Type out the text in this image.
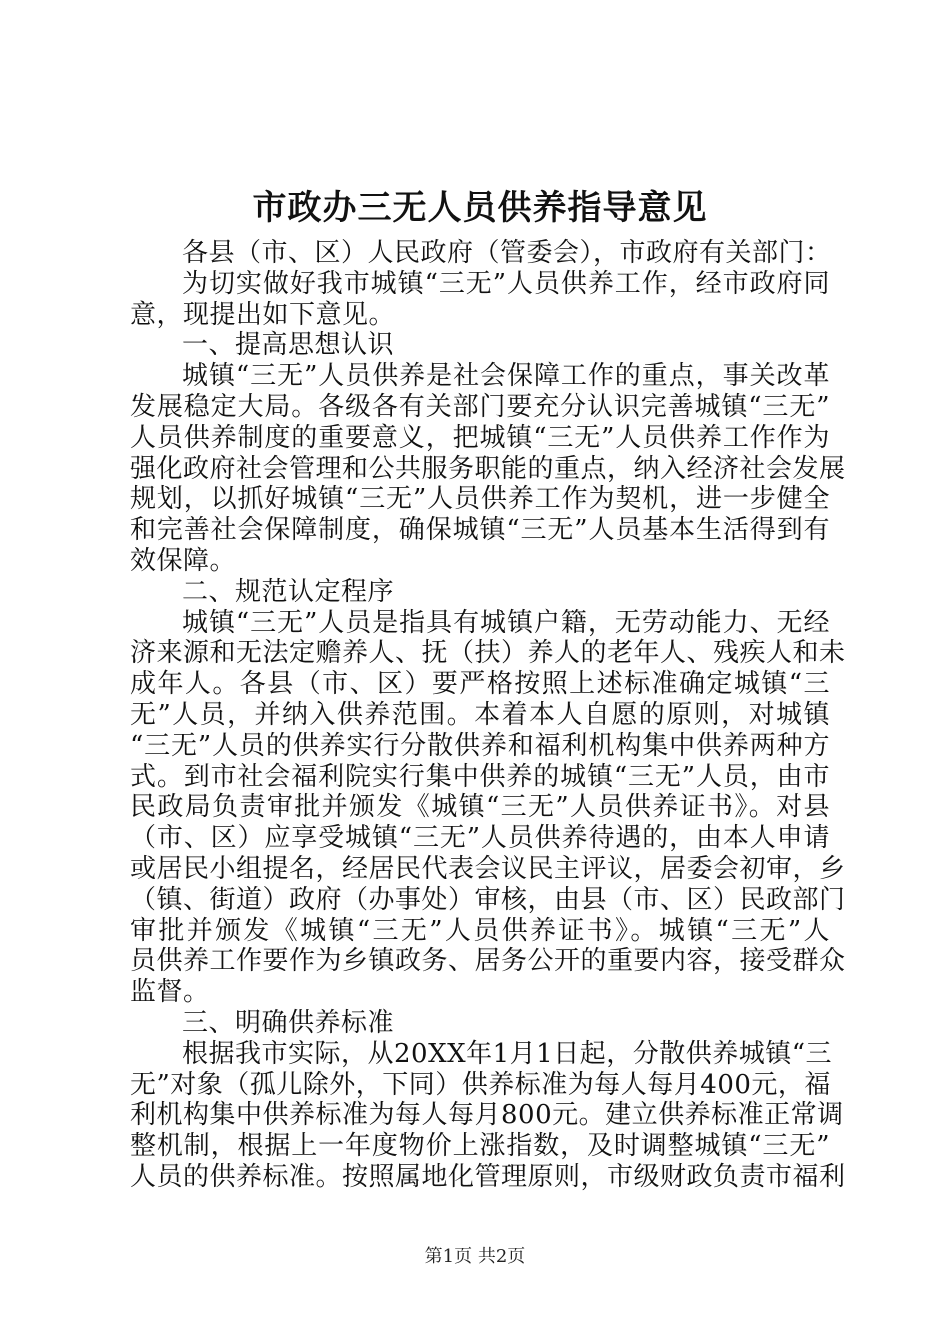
市政办三无人员供养指导意见
各县（市、区）人民政府（管委会），市政府有关部门：
为切实做好我市城镇“三无”人员供养工作，经市政府同
意，现提出如下意见。
一、提高思想认识
城镇“三无”人员供养是社会保障工作的重点，事关改革
发展稳定大局。各级各有关部门要充分认识完善城镇“三无”
人员供养制度的重要意义，把城镇“三无”人员供养工作作为
强化政府社会管理和公共服务职能的重点，纳入经济社会发展
规划，以抓好城镇“三无”人员供养工作为契机，进一步健全
和完善社会保障制度，确保城镇“三无”人员基本生活得到有
效保障。
二、规范认定程序
城镇“三无”人员是指具有城镇户籍，无劳动能力、无经
济来源和无法定赡养人、抚（扶）养人的老年人、残疾人和未
成年人。各县（市、区）要严格按照上述标准确定城镇“三
无”人员，并纳入供养范围。本着本人自愿的原则，对城镇
“三无”人员的供养实行分散供养和福利机构集中供养两种方
式。到市社会福利院实行集中供养的城镇“三无”人员，由市
民政局负责审批并颁发《城镇“三无”人员供养证书》。对县
（市、区）应享受城镇“三无”人员供养待遇的，由本人申请
或居民小组提名，经居民代表会议民主评议，居委会初审，乡
（镇、街道）政府（办事处）审核，由县（市、区）民政部门
审批并颁发《城镇“三无”人员供养证书》。城镇“三无”人
员供养工作要作为乡镇政务、居务公开的重要内容，接受群众
监督。
三、明确供养标准
根据我市实际，从20XX年1月1日起，分散供养城镇“三
无”对象（孤儿除外，下同）供养标准为每人每月400元，福
利机构集中供养标准为每人每月800元。建立供养标准正常调
整机制，根据上一年度物价上涨指数，及时调整城镇“三无”
人员的供养标准。按照属地化管理原则，市级财政负责市福利
第1页 共2页
